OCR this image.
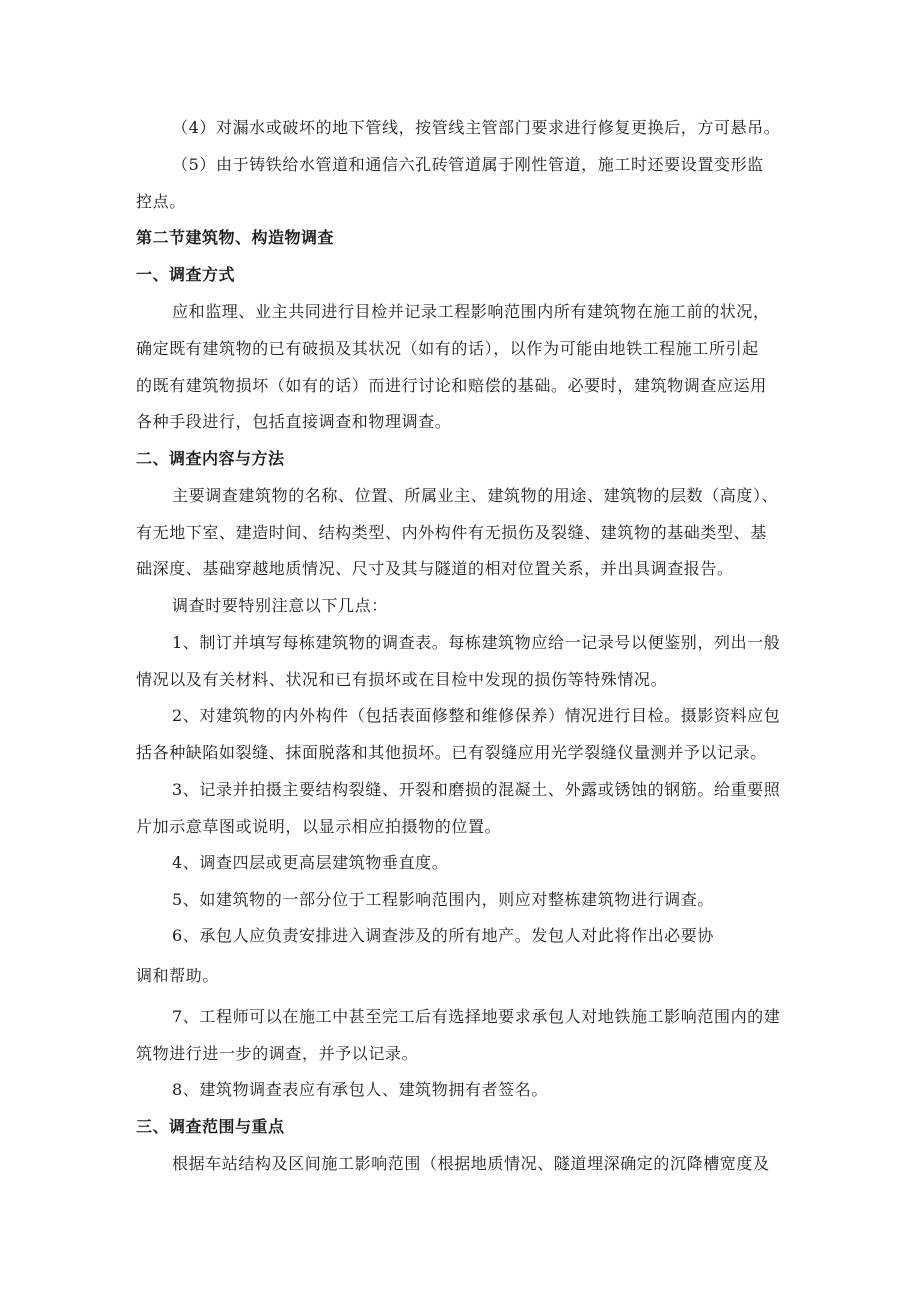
（4）对漏水或破坏的地下管线，按管线主管部门要求进行修复更换后，方可悬吊。
（5）由于铸铁给水管道和通信六孔砖管道属于刚性管道，施工时还要设置变形监
控点。
第二节建筑物、构造物调查
一、调查方式
应和监理、业主共同进行目检并记录工程影响范围内所有建筑物在施工前的状况，
确定既有建筑物的已有破损及其状况（如有的话），以作为可能由地铁工程施工所引起
的既有建筑物损坏（如有的话）而进行讨论和赔偿的基础。必要时，建筑物调查应运用
各种手段进行，包括直接调查和物理调查。
二、调查内容与方法
主要调查建筑物的名称、位置、所属业主、建筑物的用途、建筑物的层数（高度）、
有无地下室、建造时间、结构类型、内外构件有无损伤及裂缝、建筑物的基础类型、基
础深度、基础穿越地质情况、尺寸及其与隧道的相对位置关系，并出具调查报告。
调查时要特别注意以下几点：
1、制订并填写每栋建筑物的调查表。每栋建筑物应给一记录号以便鉴别，列出一般
情况以及有关材料、状况和已有损坏或在目检中发现的损伤等特殊情况。
2、对建筑物的内外构件（包括表面修整和维修保养）情况进行目检。摄影资料应包
括各种缺陷如裂缝、抹面脱落和其他损坏。已有裂缝应用光学裂缝仪量测并予以记录。
3、记录并拍摄主要结构裂缝、开裂和磨损的混凝土、外露或锈蚀的钢筋。给重要照
片加示意草图或说明，以显示相应拍摄物的位置。
4、调查四层或更高层建筑物垂直度。
5、如建筑物的一部分位于工程影响范围内，则应对整栋建筑物进行调查。
6、承包人应负责安排进入调查涉及的所有地产。发包人对此将作出必要协
调和帮助。
7、工程师可以在施工中甚至完工后有选择地要求承包人对地铁施工影响范围内的建
筑物进行进一步的调查，并予以记录。
8、建筑物调查表应有承包人、建筑物拥有者签名。
三、调查范围与重点
根据车站结构及区间施工影响范围（根据地质情况、隧道埋深确定的沉降槽宽度及
